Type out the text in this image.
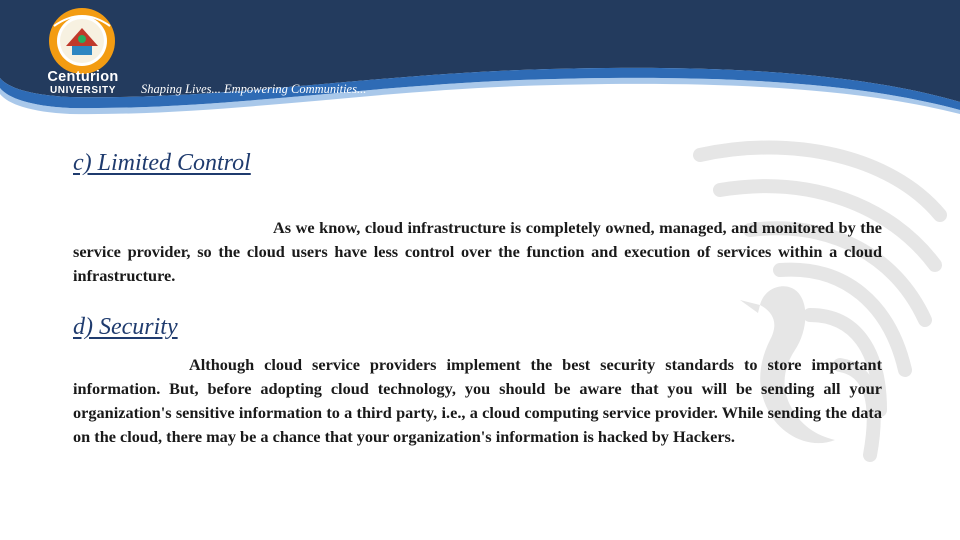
Centurion
UNIVERSITY	Shaping Lives... Empowering Communities...
c) Limited Control

As we know, cloud infrastructure is completely owned, managed, and monitored by the service provider, so the cloud users have less control over the function and execution of services within a cloud infrastructure.

d) Security

Although cloud service providers implement the best security standards to store important information. But, before adopting cloud technology, you should be aware that you will be sending all your organization's sensitive information to a third party, i.e., a cloud computing service provider. While sending the data on the cloud, there may be a chance that your organization's information is hacked by Hackers.
